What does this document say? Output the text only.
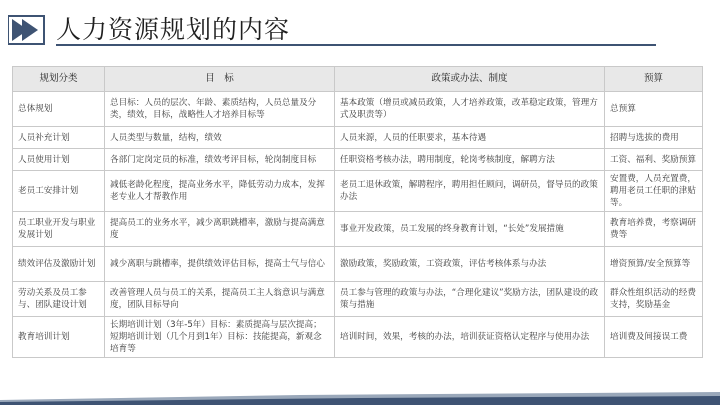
人力资源规划的内容
规划分类	目　标	政策或办法、制度	预算
总体规划	总目标：人员的层次、年龄、素质结构，人员总量及分类，绩效，目标，战略性人才培养目标等	基本政策（增员或减员政策，人才培养政策，改革稳定政策，管理方式及职责等）	总预算
人员补充计划	人员类型与数量，结构，绩效	人员来源，人员的任职要求，基本待遇	招聘与选拔的费用
人员使用计划	各部门定岗定员的标准，绩效考评目标，轮岗制度目标	任职资格考核办法，聘用制度，轮岗考核制度，解聘方法	工资、福利、奖励预算
老员工安排计划	减低老龄化程度，提高业务水平，降低劳动力成本，发挥老专业人才帮教作用	老员工退休政策，解聘程序，聘用担任顾问，调研员，督导员的政策办法	安置费，人员充置费，聘用老员工任职的津贴等。
员工职业开发与职业发展计划	提高员工的业务水平，减少离职跳槽率，激励与提高满意度	事业开发政策，员工发展的终身教育计划，“长处”发展措施	教育培养费，考察调研费等
绩效评估及激励计划	减少离职与跳槽率，提供绩效评估目标，提高士气与信心	激励政策，奖励政策，工资政策，评估考核体系与办法	增资预算/安全预算等
劳动关系及员工参与、团队建设计划	改善管理人员与员工的关系，提高员工主人翁意识与满意度，团队目标导向	员工参与管理的政策与办法，“合理化建议”奖励方法，团队建设的政策与措施	群众性组织活动的经费支持，奖励基金
教育培训计划	长期培训计划（3年-5年）目标：素质提高与层次提高；短期培训计划（几个月到1年）目标：技能提高，新观念培育等	培训时间，效果，考核的办法，培训获证资格认定程序与使用办法	培训费及间接误工费
